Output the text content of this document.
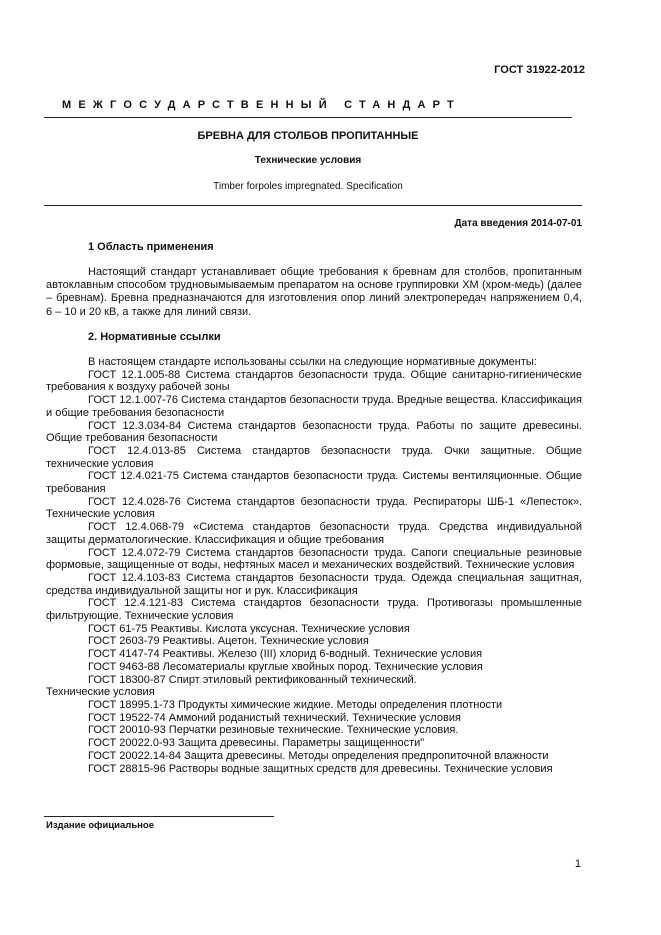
ГОСТ 31922-2012
МЕЖГОСУДАРСТВЕННЫЙ СТАНДАРТ
БРЕВНА ДЛЯ СТОЛБОВ ПРОПИТАННЫЕ
Технические условия
Timber forpoles impregnated. Specification
Дата введения 2014-07-01
1 Область применения

Настоящий стандарт устанавливает общие требования к бревнам для столбов, пропитанным автоклавным способом трудновымываемым препаратом на основе группировки ХМ (хром-медь) (далее – бревнам). Бревна предназначаются для изготовления опор линий электропередач напряжением 0,4, 6 – 10 и 20 кВ, а также для линий связи.

2. Нормативные ссылки

В настоящем стандарте использованы ссылки на следующие нормативные документы:

ГОСТ 12.1.005-88 Система стандартов безопасности труда. Общие санитарно-гигиенические требования к воздуху рабочей зоны

ГОСТ 12.1.007-76 Система стандартов безопасности труда. Вредные вещества. Классификация и общие требования безопасности

ГОСТ 12.3.034-84 Система стандартов безопасности труда. Работы по защите древесины. Общие требования безопасности

ГОСТ 12.4.013-85 Система стандартов безопасности труда. Очки защитные. Общие технические условия

ГОСТ 12.4.021-75 Система стандартов безопасности труда. Системы вентиляционные. Общие требования

ГОСТ 12.4.028-76 Система стандартов безопасности труда. Респираторы ШБ-1 «Лепесток». Технические условия

ГОСТ 12.4.068-79 «Система стандартов безопасности труда. Средства индивидуальной защиты дерматологические. Классификация и общие требования

ГОСТ 12.4.072-79 Система стандартов безопасности труда. Сапоги специальные резиновые формовые, защищенные от воды, нефтяных масел и механических воздействий. Технические условия

ГОСТ 12.4.103-83 Система стандартов безопасности труда. Одежда специальная защитная, средства индивидуальной защиты ног и рук. Классификация

ГОСТ 12.4.121-83 Система стандартов безопасности труда. Противогазы промышленные фильтрующие. Технические условия

ГОСТ 61-75 Реактивы. Кислота уксусная. Технические условия

ГОСТ 2603-79 Реактивы. Ацетон. Технические условия

ГОСТ 4147-74 Реактивы. Железо (III) хлорид 6-водный. Технические условия

ГОСТ 9463-88 Лесоматериалы круглые хвойных пород. Технические условия

ГОСТ 18300-87 Спирт этиловый ректификованный технический.

Технические условия

ГОСТ 18995.1-73 Продукты химические жидкие. Методы определения плотности

ГОСТ 19522-74 Аммоний роданистый технический. Технические условия

ГОСТ 20010-93 Перчатки резиновые технические. Технические условия.

ГОСТ 20022.0-93 Защита древесины. Параметры защищенности"

ГОСТ 20022.14-84 Защита древесины. Методы определения предпропиточной влажности

ГОСТ 28815-96 Растворы водные защитных средств для древесины. Технические условия

Издание официальное
1
